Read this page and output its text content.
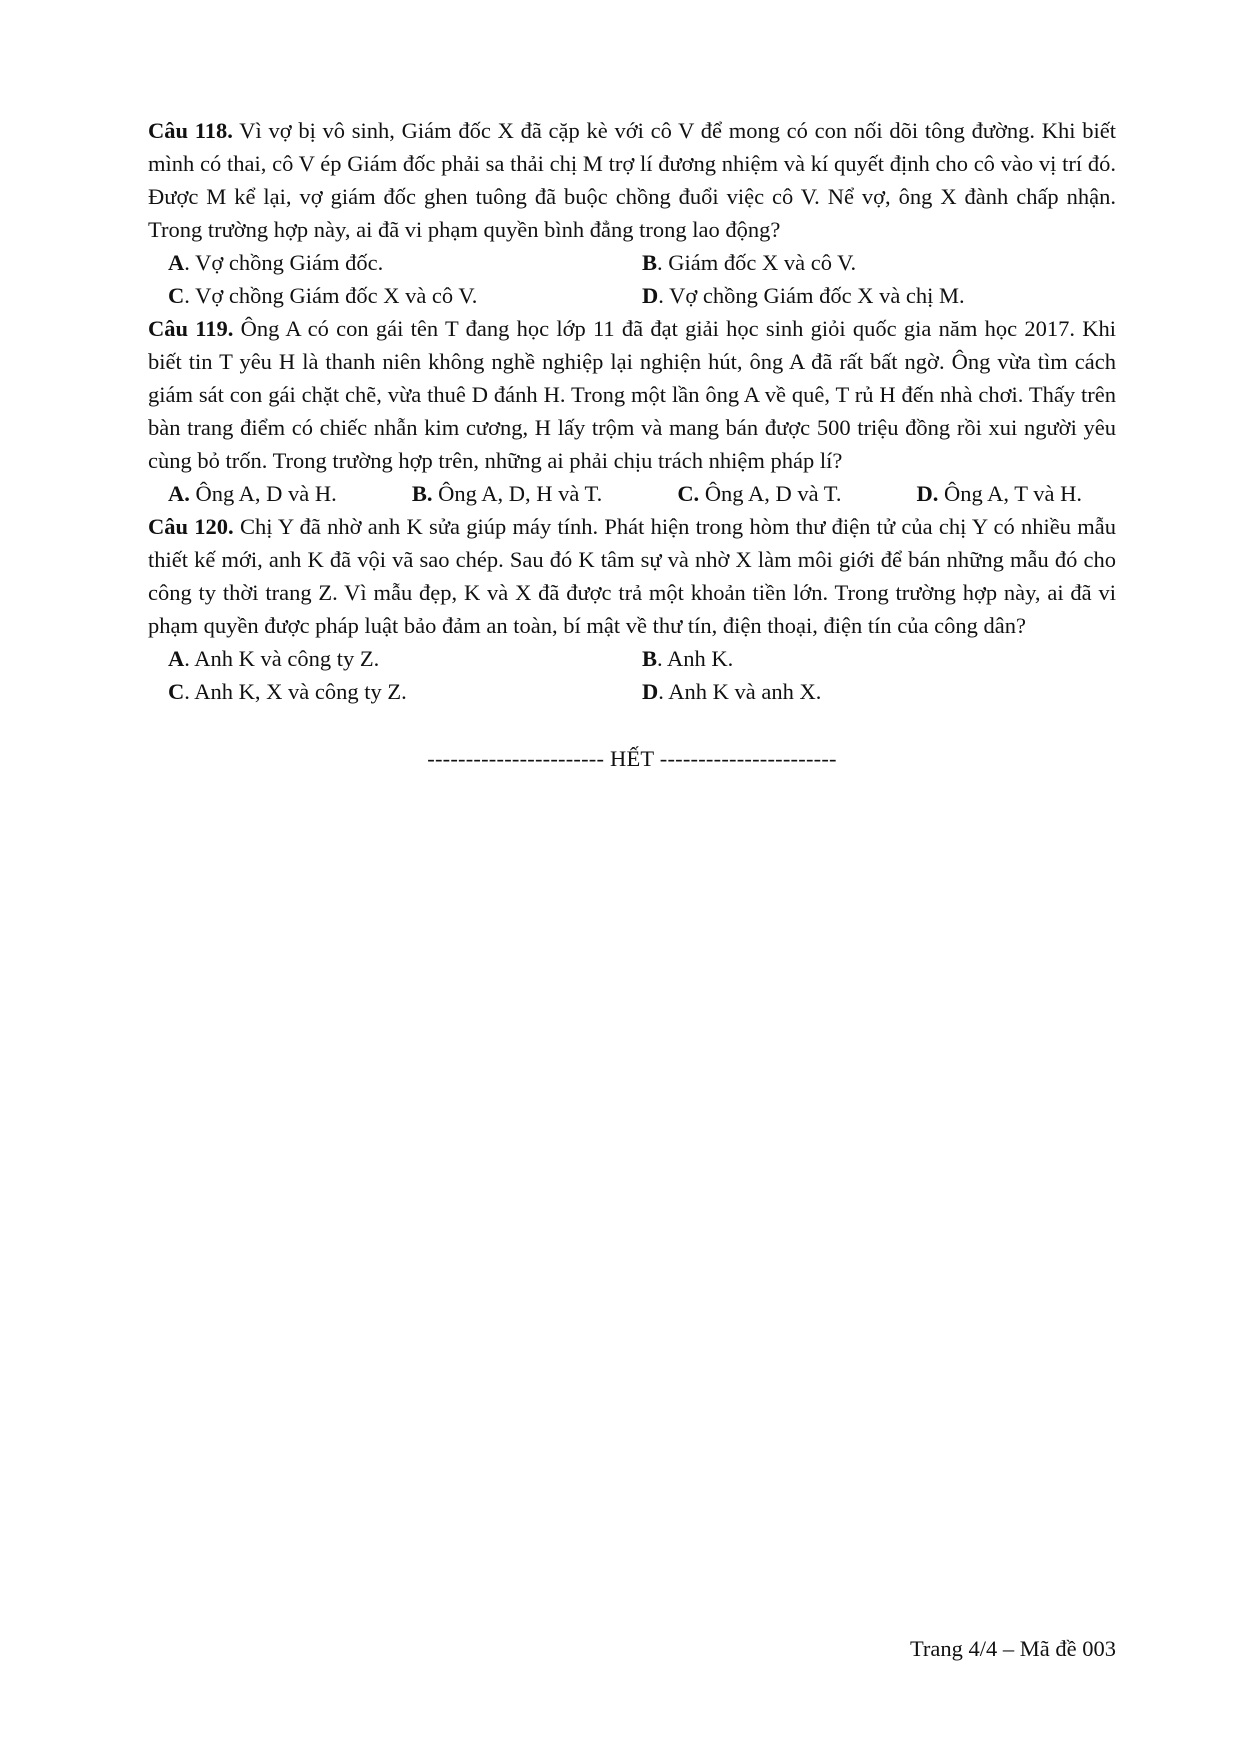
Câu 118. Vì vợ bị vô sinh, Giám đốc X đã cặp kè với cô V để mong có con nối dõi tông đường. Khi biết mình có thai, cô V ép Giám đốc phải sa thải chị M trợ lí đương nhiệm và kí quyết định cho cô vào vị trí đó. Được M kể lại, vợ giám đốc ghen tuông đã buộc chồng đuổi việc cô V. Nể vợ, ông X đành chấp nhận. Trong trường hợp này, ai đã vi phạm quyền bình đẳng trong lao động?

A. Vợ chồng Giám đốc.	B. Giám đốc X và cô V.
C. Vợ chồng Giám đốc X và cô V.	D. Vợ chồng Giám đốc X và chị M.

Câu 119. Ông A có con gái tên T đang học lớp 11 đã đạt giải học sinh giỏi quốc gia năm học 2017. Khi biết tin T yêu H là thanh niên không nghề nghiệp lại nghiện hút, ông A đã rất bất ngờ. Ông vừa tìm cách giám sát con gái chặt chẽ, vừa thuê D đánh H. Trong một lần ông A về quê, T rủ H đến nhà chơi. Thấy trên bàn trang điểm có chiếc nhẫn kim cương, H lấy trộm và mang bán được 500 triệu đồng rồi xui người yêu cùng bỏ trốn. Trong trường hợp trên, những ai phải chịu trách nhiệm pháp lí?

A. Ông A, D và H.	B. Ông A, D, H và T.	C. Ông A, D và T.	D. Ông A, T và H.

Câu 120. Chị Y đã nhờ anh K sửa giúp máy tính. Phát hiện trong hòm thư điện tử của chị Y có nhiều mẫu thiết kế mới, anh K đã vội vã sao chép. Sau đó K tâm sự và nhờ X làm môi giới để bán những mẫu đó cho công ty thời trang Z. Vì mẫu đẹp, K và X đã được trả một khoản tiền lớn. Trong trường hợp này, ai đã vi phạm quyền được pháp luật bảo đảm an toàn, bí mật về thư tín, điện thoại, điện tín của công dân?

A. Anh K và công ty Z.	B. Anh K.
C. Anh K, X và công ty Z.	D. Anh K và anh X.
----------------------- HẾT -----------------------
Trang 4/4 – Mã đề 003
